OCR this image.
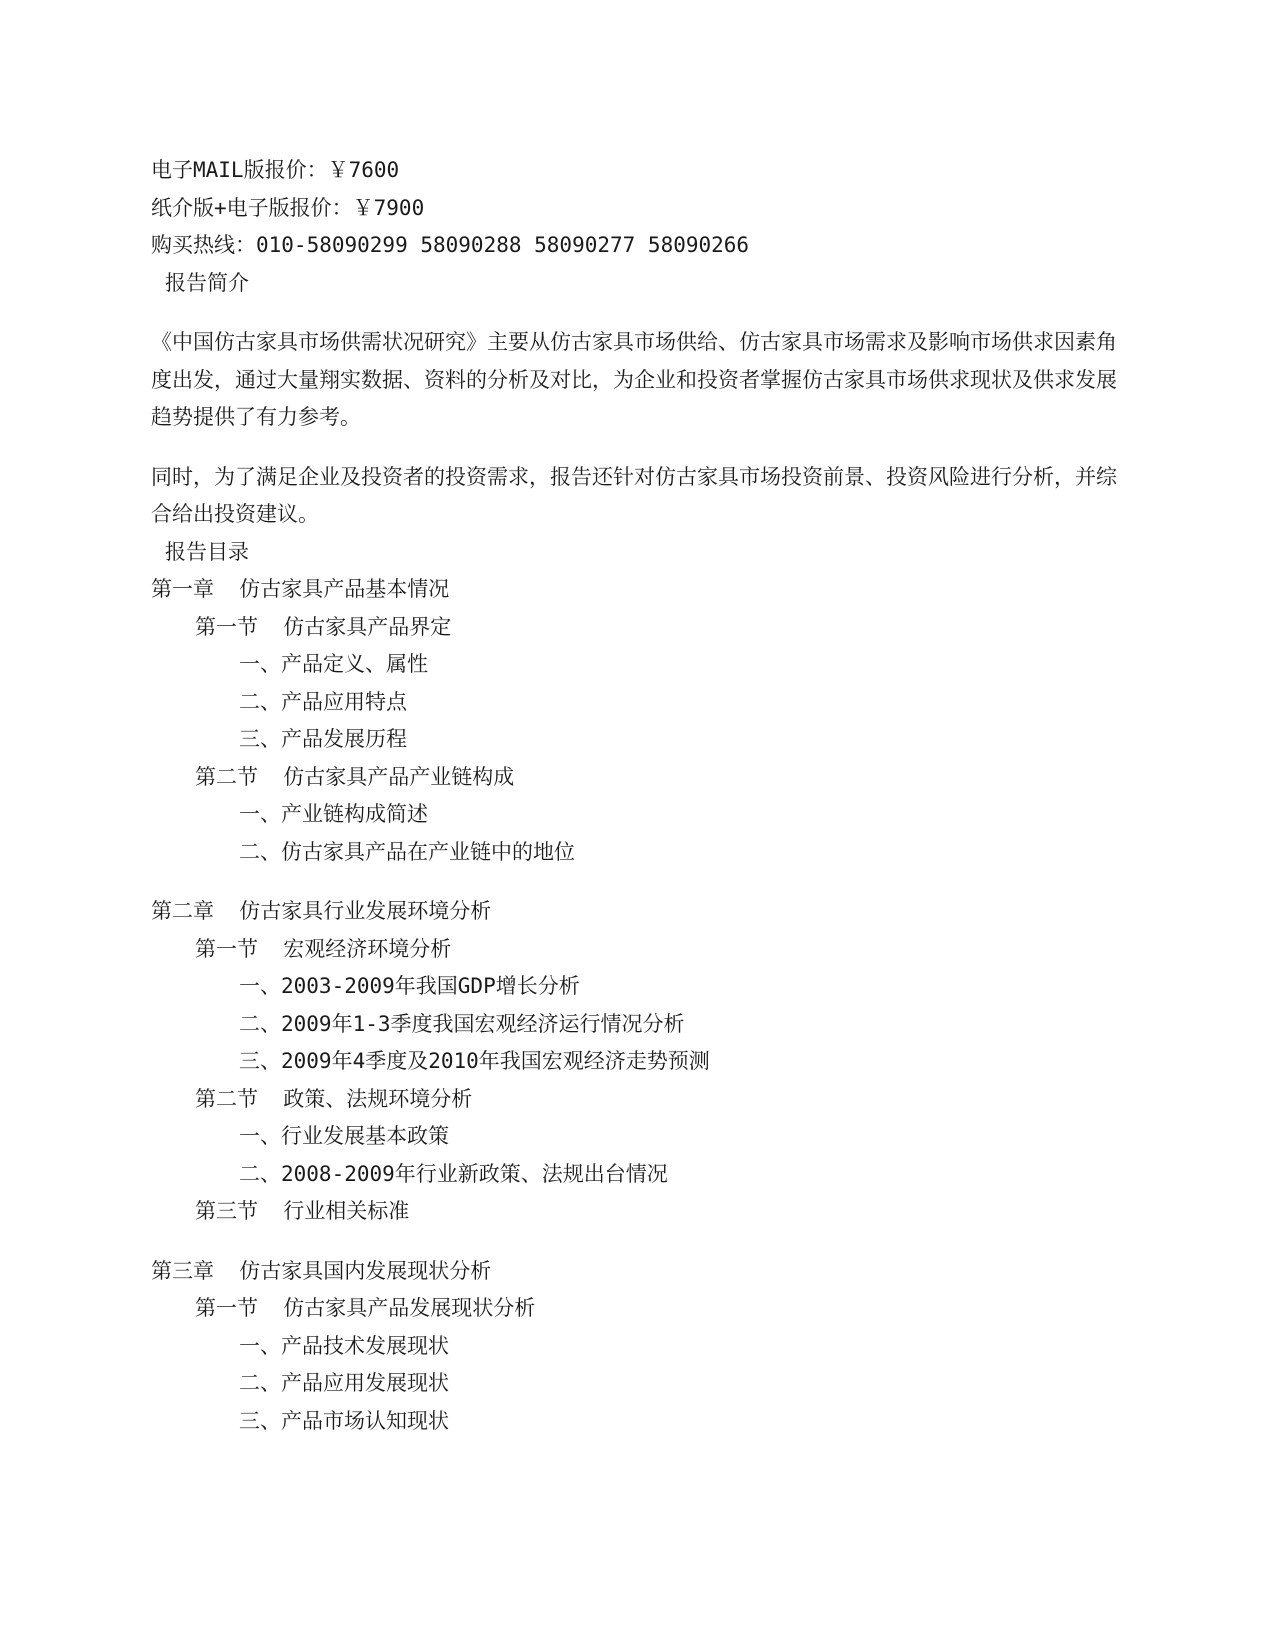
电子MAIL版报价：￥7600
纸介版+电子版报价：￥7900
购买热线：010-58090299 58090288 58090277 58090266
报告简介

《中国仿古家具市场供需状况研究》主要从仿古家具市场供给、仿古家具市场需求及影响市场供求因素角度出发，通过大量翔实数据、资料的分析及对比，为企业和投资者掌握仿古家具市场供求现状及供求发展趋势提供了有力参考。

同时，为了满足企业及投资者的投资需求，报告还针对仿古家具市场投资前景、投资风险进行分析，并综合给出投资建议。

报告目录
第一章  仿古家具产品基本情况
第一节  仿古家具产品界定
一、产品定义、属性
二、产品应用特点
三、产品发展历程
第二节  仿古家具产品产业链构成
一、产业链构成简述
二、仿古家具产品在产业链中的地位
第二章  仿古家具行业发展环境分析
第一节  宏观经济环境分析
一、2003-2009年我国GDP增长分析
二、2009年1-3季度我国宏观经济运行情况分析
三、2009年4季度及2010年我国宏观经济走势预测
第二节  政策、法规环境分析
一、行业发展基本政策
二、2008-2009年行业新政策、法规出台情况
第三节  行业相关标准
第三章  仿古家具国内发展现状分析
第一节  仿古家具产品发展现状分析
一、产品技术发展现状
二、产品应用发展现状
三、产品市场认知现状
